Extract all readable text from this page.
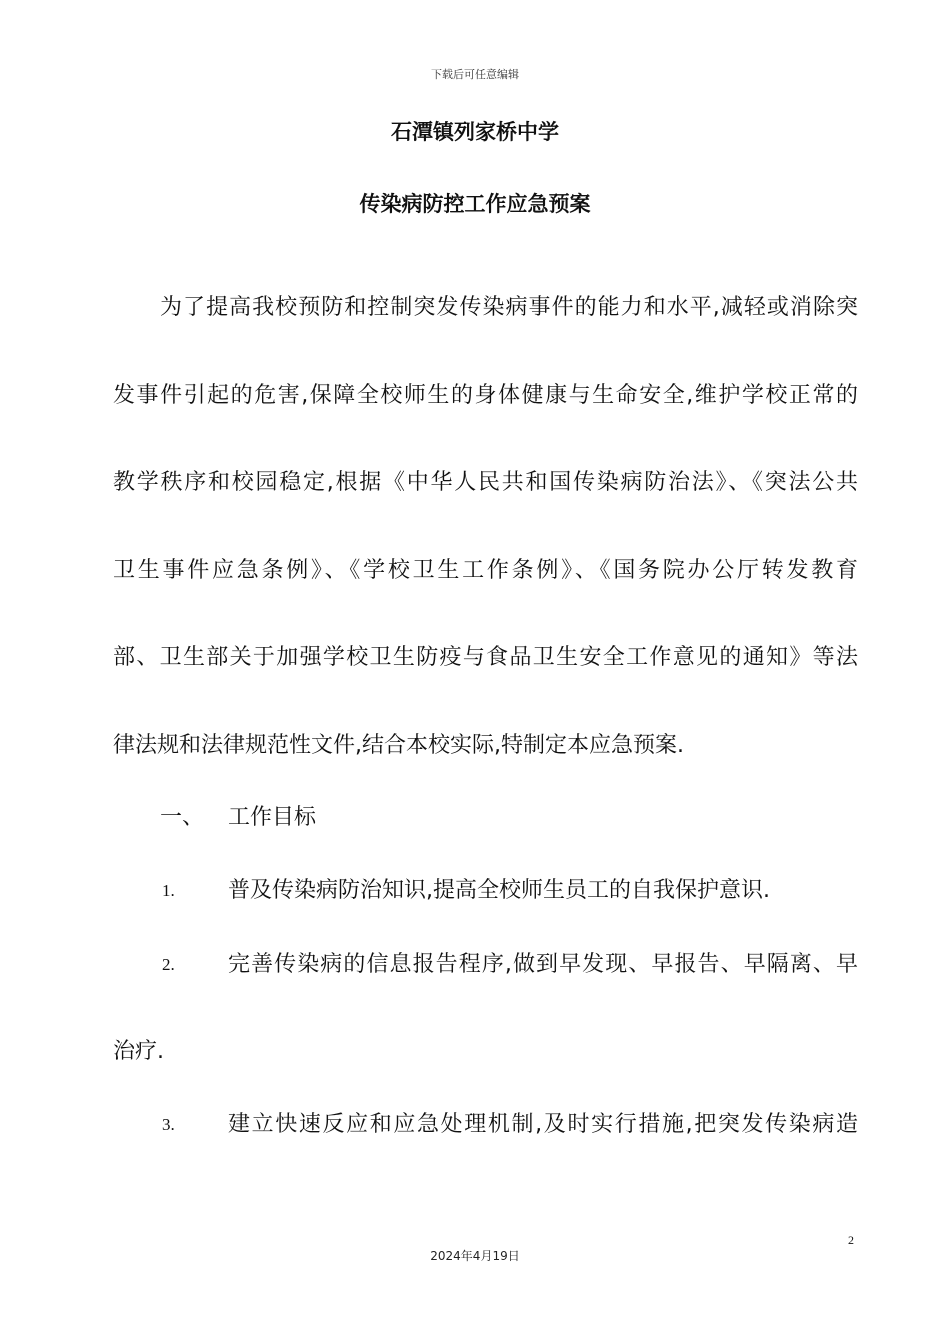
下载后可任意编辑
石潭镇列家桥中学
传染病防控工作应急预案
为了提高我校预防和控制突发传染病事件的能力和水平,减轻或消除突
发事件引起的危害,保障全校师生的身体健康与生命安全,维护学校正常的
教学秩序和校园稳定,根据《中华人民共和国传染病防治法》、《突法公共
卫生事件应急条例》、《学校卫生工作条例》、《国务院办公厅转发教育
部、卫生部关于加强学校卫生防疫与食品卫生安全工作意见的通知》等法
律法规和法律规范性文件,结合本校实际,特制定本应急预案.
一、 工作目标
1. 普及传染病防治知识,提高全校师生员工的自我保护意识.
2. 完善传染病的信息报告程序,做到早发现、早报告、早隔离、早
治疗.
3. 建立快速反应和应急处理机制,及时实行措施,把突发传染病造
2
2024年4月19日
